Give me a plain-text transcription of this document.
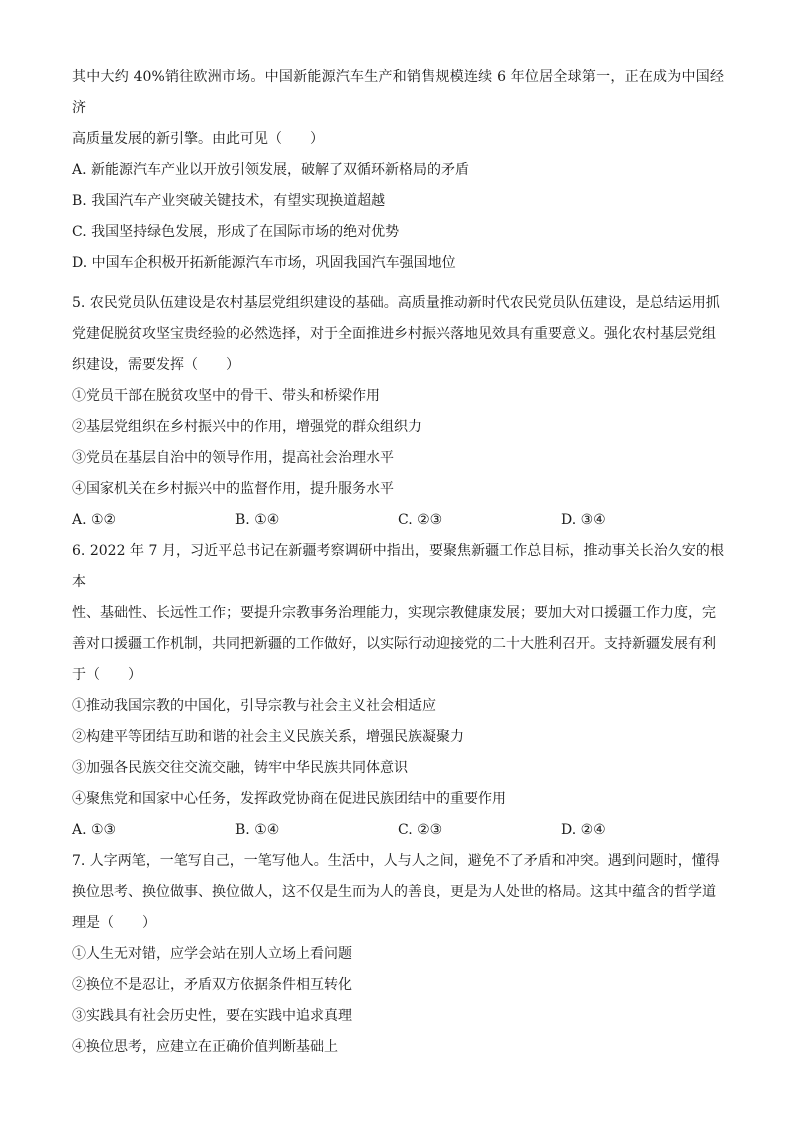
其中大约 40%销往欧洲市场。中国新能源汽车生产和销售规模连续 6 年位居全球第一，正在成为中国经济

高质量发展的新引擎。由此可见（　　）

A. 新能源汽车产业以开放引领发展，破解了双循环新格局的矛盾

B. 我国汽车产业突破关键技术，有望实现换道超越

C. 我国坚持绿色发展，形成了在国际市场的绝对优势

D. 中国车企积极开拓新能源汽车市场，巩固我国汽车强国地位

5. 农民党员队伍建设是农村基层党组织建设的基础。高质量推动新时代农民党员队伍建设，是总结运用抓

党建促脱贫攻坚宝贵经验的必然选择，对于全面推进乡村振兴落地见效具有重要意义。强化农村基层党组

织建设，需要发挥（　　）

①党员干部在脱贫攻坚中的骨干、带头和桥梁作用

②基层党组织在乡村振兴中的作用，增强党的群众组织力

③党员在基层自治中的领导作用，提高社会治理水平

④国家机关在乡村振兴中的监督作用，提升服务水平

A. ①②	B. ①④	C. ②③	D. ③④

6. 2022 年 7 月，习近平总书记在新疆考察调研中指出，要聚焦新疆工作总目标，推动事关长治久安的根本

性、基础性、长远性工作；要提升宗教事务治理能力，实现宗教健康发展；要加大对口援疆工作力度，完

善对口援疆工作机制，共同把新疆的工作做好，以实际行动迎接党的二十大胜利召开。支持新疆发展有利

于（　　）

①推动我国宗教的中国化，引导宗教与社会主义社会相适应

②构建平等团结互助和谐的社会主义民族关系，增强民族凝聚力

③加强各民族交往交流交融，铸牢中华民族共同体意识

④聚焦党和国家中心任务，发挥政党协商在促进民族团结中的重要作用

A. ①③	B. ①④	C. ②③	D. ②④

7. 人字两笔，一笔写自己，一笔写他人。生活中，人与人之间，避免不了矛盾和冲突。遇到问题时，懂得

换位思考、换位做事、换位做人，这不仅是生而为人的善良，更是为人处世的格局。这其中蕴含的哲学道

理是（　　）

①人生无对错，应学会站在别人立场上看问题

②换位不是忍让，矛盾双方依据条件相互转化

③实践具有社会历史性，要在实践中追求真理

④换位思考，应建立在正确价值判断基础上
